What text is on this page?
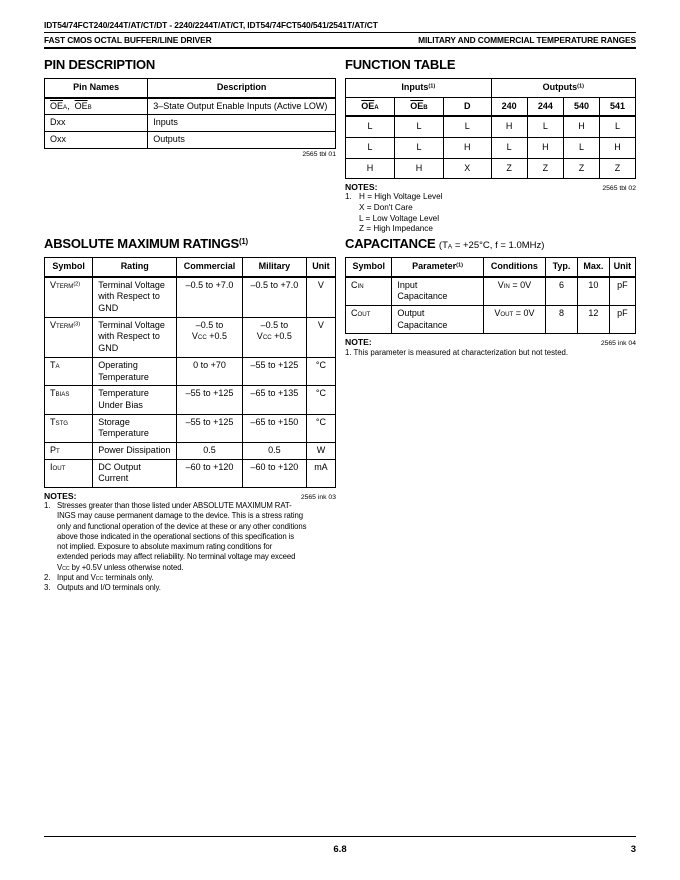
IDT54/74FCT240/244T/AT/CT/DT - 2240/2244T/AT/CT, IDT54/74FCT540/541/2541T/AT/CT
FAST CMOS OCTAL BUFFER/LINE DRIVER	MILITARY AND COMMERCIAL TEMPERATURE RANGES
PIN DESCRIPTION
Pin Names	Description
$\overline{OE}A$,  $\overline{OE}B$	3–State Output Enable Inputs (Active LOW)
Dxx	Inputs
Oxx	Outputs
2565 tbl 01
FUNCTION TABLE
Inputs$^{(1)}$			Outputs$^{(1)}$
$\overline{OE}A$	$\overline{OE}B$	D	240	244	540	541
L	L	L	H	L	H	L
L	L	H	L	H	L	H
H	H	X	Z	Z	Z	Z
NOTES:	2565 tbl 02
1. H = High Voltage Level
X = Don't Care
L = Low Voltage Level
Z = High Impedance
ABSOLUTE MAXIMUM RATINGS$^{(1)}$
Symbol	Rating	Commercial	Military	Unit
VTERM$^{(2)}$	Terminal Voltage
with Respect to
GND	–0.5 to +7.0	–0.5 to +7.0	V
VTERM$^{(3)}$	Terminal Voltage
with Respect to
GND	–0.5 to
VCC +0.5	–0.5 to
VCC +0.5	V
TA	Operating
Temperature	0 to +70	–55 to +125	°C
TBIAS	Temperature
Under Bias	–55 to +125	–65 to +135	°C
TSTG	Storage
Temperature	–55 to +125	–65 to +150	°C
PT	Power Dissipation	0.5	0.5	W
IOUT	DC Output
Current	–60 to +120	–60 to +120	mA
NOTES:	2565 ink 03
1. Stresses greater than those listed under ABSOLUTE MAXIMUM RAT-
INGS may cause permanent damage to the device. This is a stress rating
only and functional operation of the device at these or any other conditions
above those indicated in the operational sections of this specification is
not implied. Exposure to absolute maximum rating conditions for
extended periods may affect reliability. No terminal voltage may exceed
VCC by +0.5V unless otherwise noted.
2. Input and VCC terminals only.
3. Outputs and I/O terminals only.
CAPACITANCE (TA = +25°C, f = 1.0MHz)
Symbol	Parameter$^{(1)}$	Conditions	Typ.	Max.	Unit
CIN	Input
Capacitance	VIN = 0V	6	10	pF
COUT	Output
Capacitance	VOUT = 0V	8	12	pF
NOTE:	2565 ink 04
1. This parameter is measured at characterization but not tested.
6.8	3
